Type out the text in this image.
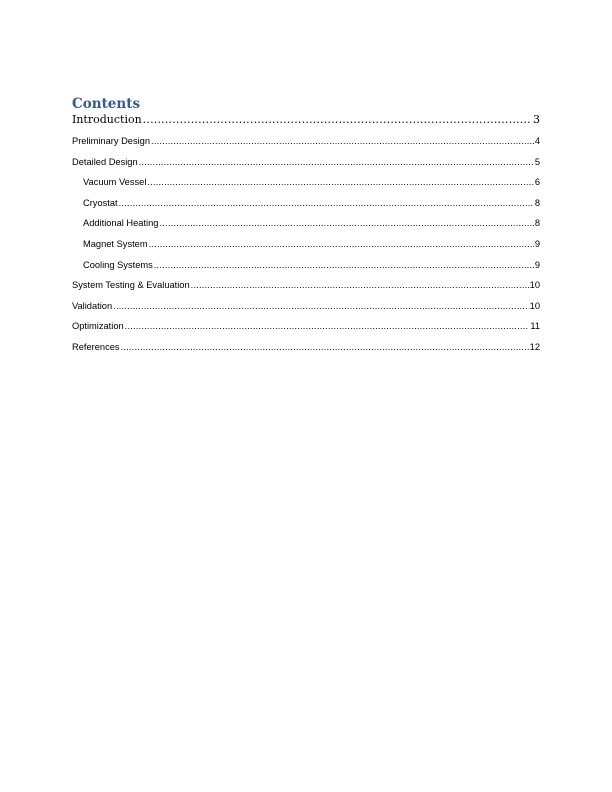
Contents
Introduction .....	3
Preliminary Design .....	4
Detailed Design .....	5
Vacuum Vessel .....	6
Cryostat .....	8
Additional Heating .....	8
Magnet System .....	9
Cooling Systems .....	9
System Testing & Evaluation .....	10
Validation .....	10
Optimization .....	11
References .....	12
